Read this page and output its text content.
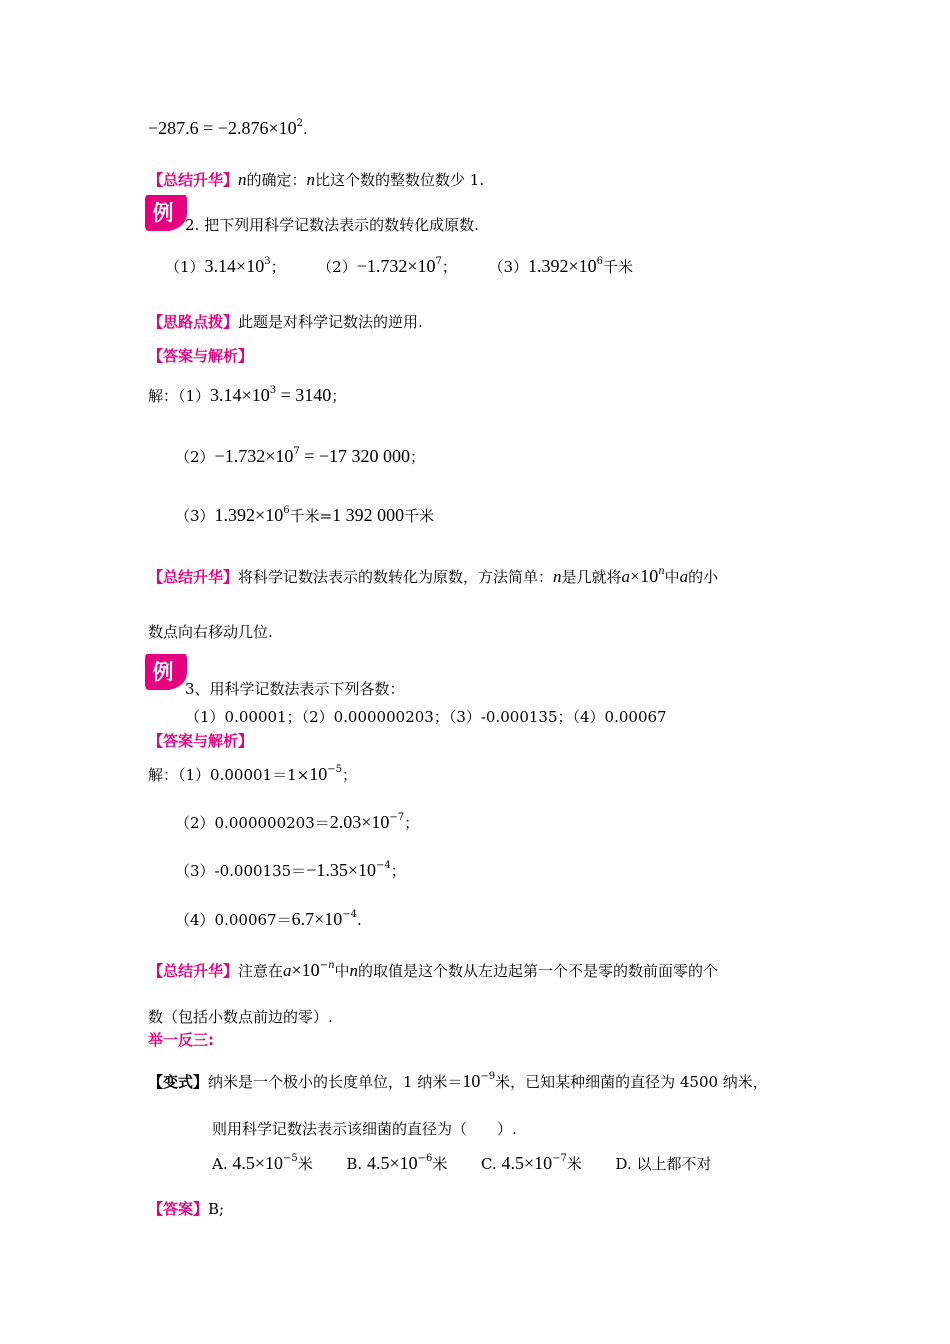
$-287.6 = -2.876\times 10^2$.
【总结升华】n的确定：n比这个数的整数位数少 1.
例 2. 把下列用科学记数法表示的数转化成原数.
$(1)3.14\times 10^3$； $(2)-1.732\times 10^7$； $(3)1.392\times 10^6$千米
【思路点拨】此题是对科学记数法的逆用.
【答案与解析】
解：$(1)3.14\times 10^3 = 3140$；
$(2)-1.732\times 10^7 = -17$ 320 000；
$(3)1.392\times 10^6$千米=1 392 000千米
【总结升华】将科学记数法表示的数转化为原数，方法简单：n是几就将$a\times 10^n$中a的小
数点向右移动几位.
例
3、用科学记数法表示下列各数：
（1）0.00001；（2）0.000000203；（3）-0.000135；（4）0.00067
【答案与解析】
解：$(1)0.00001=1\times 10^{-5}$；
$(2)0.000000203=2.03\times 10^{-7}$；
$(3)-0.000135=-1.35\times 10^{-4}$；
$(4)0.00067=6.7\times 10^{-4}$.
【总结升华】注意在$a\times 10^{-n}$中n的取值是这个数从左边起第一个不是零的数前面零的个
数（包括小数点前边的零）.
举一反三:
【变式】纳米是一个极小的长度单位，1 纳米$=10^{-9}$米，已知某种细菌的直径为 4500 纳米，
则用科学记数法表示该细菌的直径为（　　）.
A. $4.5\times 10^{-5}$米 B. $4.5\times 10^{-6}$米 C. $4.5\times 10^{-7}$米 D. 以上都不对
【答案】B;
